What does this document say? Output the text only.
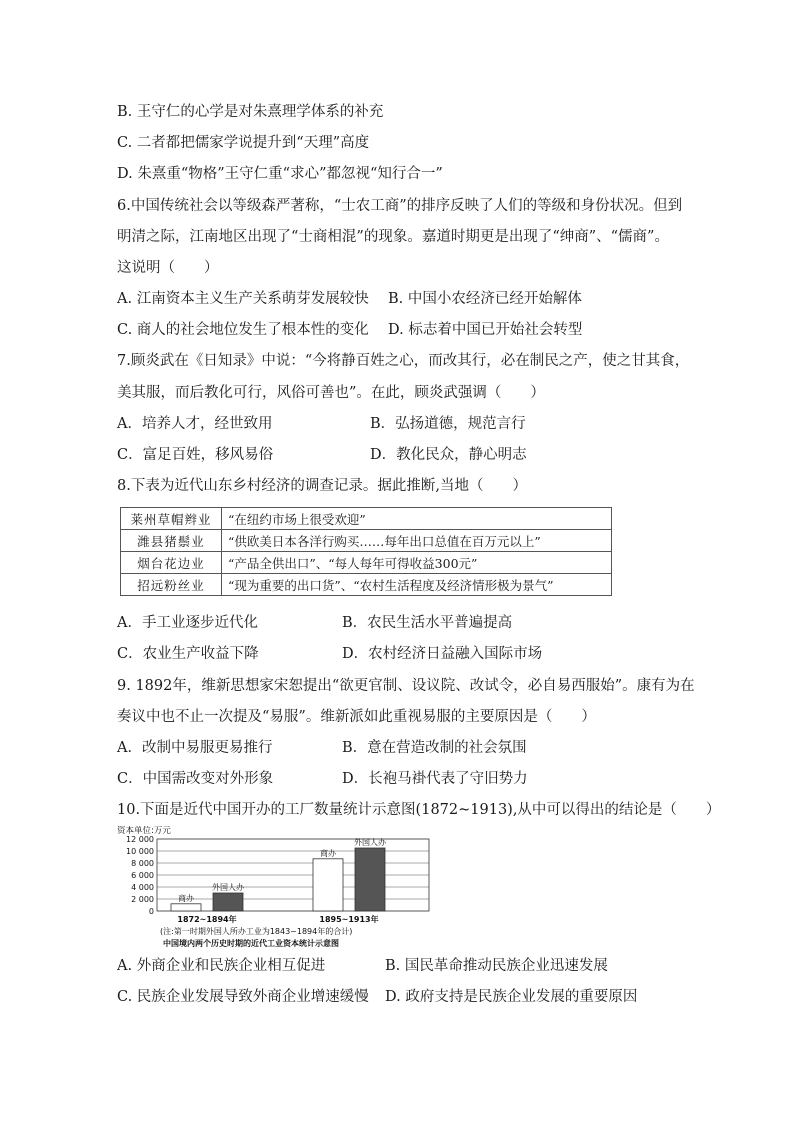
B. 王守仁的心学是对朱熹理学体系的补充
C. 二者都把儒家学说提升到“天理”高度
D. 朱熹重“物格”王守仁重“求心”都忽视“知行合一”
6.中国传统社会以等级森严著称，“士农工商”的排序反映了人们的等级和身份状况。但到
明清之际，江南地区出现了“士商相混”的现象。嘉道时期更是出现了“绅商”、“儒商”。
这说明（　　）
A. 江南资本主义生产关系萌芽发展较快 B. 中国小农经济已经开始解体
C. 商人的社会地位发生了根本性的变化 D. 标志着中国已开始社会转型
7.顾炎武在《日知录》中说：“今将静百姓之心，而改其行，必在制民之产，使之甘其食，
美其服，而后教化可行，风俗可善也”。在此，顾炎武强调（　　）
A．培养人才，经世致用	B．弘扬道德，规范言行
C．富足百姓，移风易俗	D．教化民众，静心明志
8.下表为近代山东乡村经济的调查记录。据此推断,当地（　　）
莱州草帽辫业	“在纽约市场上很受欢迎”
潍县猪鬃业	“供欧美日本各洋行购买……每年出口总值在百万元以上”
烟台花边业	“产品全供出口”、“每人每年可得收益300元”
招远粉丝业	“现为重要的出口货”、“农村生活程度及经济情形极为景气”
A．手工业逐步近代化	B．农民生活水平普遍提高
C．农业生产收益下降	D．农村经济日益融入国际市场
9. 1892年，维新思想家宋恕提出“欲更官制、设议院、改试令，必自易西服始”。康有为在
奏议中也不止一次提及“易服”。维新派如此重视易服的主要原因是（　　）
A．改制中易服更易推行	B．意在营造改制的社会氛围
C．中国需改变对外形象	D．长袍马褂代表了守旧势力
10.下面是近代中国开办的工厂数量统计示意图(1872~1913),从中可以得出的结论是（　　）
资本单位:万元
12 000
10 000
8 000
6 000
4 000
2 000
0
商办
外国人办
商办
外国人办
1872~1894年	1895~1913年
(注:第一时期外国人所办工业为1843~1894年的合计)
中国境内两个历史时期的近代工业资本统计示意图
A. 外商企业和民族企业相互促进	B. 国民革命推动民族企业迅速发展
C. 民族企业发展导致外商企业增速缓慢 D. 政府支持是民族企业发展的重要原因
